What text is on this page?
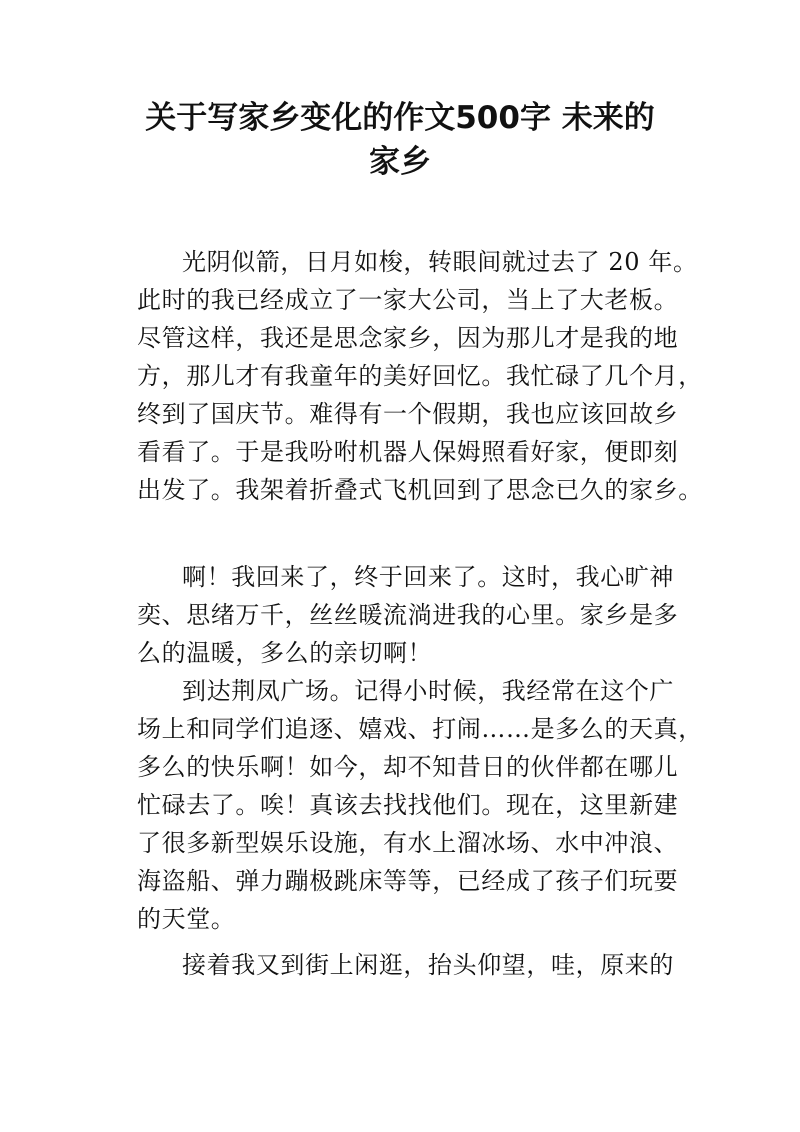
关于写家乡变化的作文500字 未来的
家乡
光阴似箭，日月如梭，转眼间就过去了 20 年。
此时的我已经成立了一家大公司，当上了大老板。
尽管这样，我还是思念家乡，因为那儿才是我的地
方，那儿才有我童年的美好回忆。我忙碌了几个月，
终到了国庆节。难得有一个假期，我也应该回故乡
看看了。于是我吩咐机器人保姆照看好家，便即刻
出发了。我架着折叠式飞机回到了思念已久的家乡。
啊！我回来了，终于回来了。这时，我心旷神
奕、思绪万千，丝丝暖流淌进我的心里。家乡是多
么的温暖，多么的亲切啊！
到达荆凤广场。记得小时候，我经常在这个广
场上和同学们追逐、嬉戏、打闹……是多么的天真，
多么的快乐啊！如今，却不知昔日的伙伴都在哪儿
忙碌去了。唉！真该去找找他们。现在，这里新建
了很多新型娱乐设施，有水上溜冰场、水中冲浪、
海盗船、弹力蹦极跳床等等，已经成了孩子们玩要
的天堂。
接着我又到街上闲逛，抬头仰望，哇，原来的
